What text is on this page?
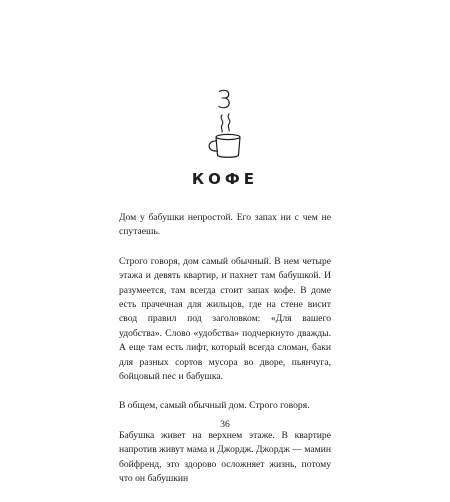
3
КОФЕ

Дом у бабушки непростой. Его запах ни с чем не спутаешь.

Строго говоря, дом самый обычный. В нем четыре этажа и девять квартир, и пахнет там бабушкой. И разумеется, там всегда стоит запах кофе. В доме есть прачечная для жильцов, где на стене висит свод правил под заголовком: «Для вашего удобства». Слово «удобства» подчеркнуто дважды. А еще там есть лифт, который всегда сломан, баки для разных сортов мусора во дворе, пьянчуга, бойцовый пес и бабушка.

В общем, самый обычный дом. Строго говоря.

Бабушка живет на верхнем этаже. В квартире напротив живут мама и Джордж. Джордж — мамин бойфренд, это здорово осложняет жизнь, потому что он бабушкин

36
